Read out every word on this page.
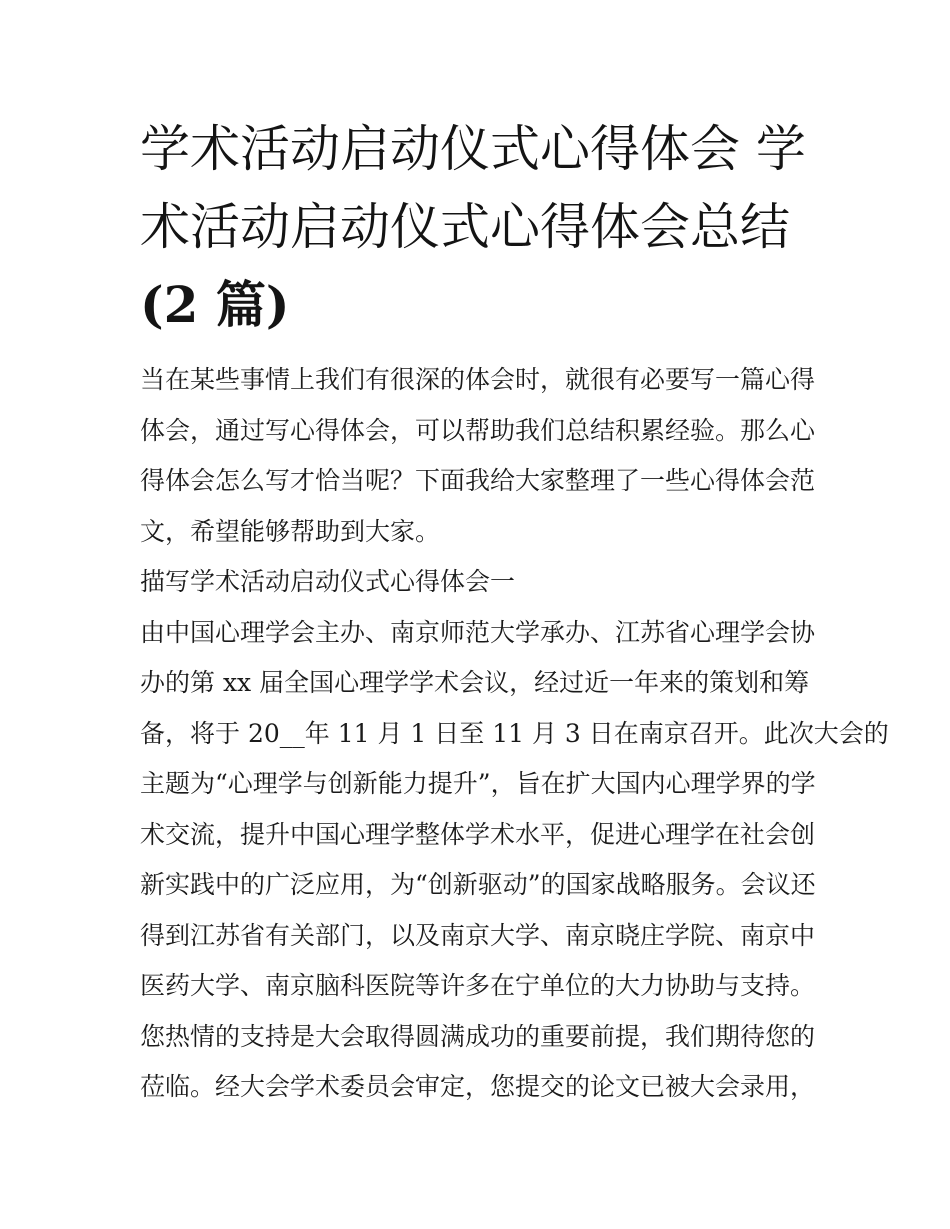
学术活动启动仪式心得体会 学
术活动启动仪式心得体会总结
(2 篇)
当在某些事情上我们有很深的体会时，就很有必要写一篇心得
体会，通过写心得体会，可以帮助我们总结积累经验。那么心
得体会怎么写才恰当呢？下面我给大家整理了一些心得体会范
文，希望能够帮助到大家。
描写学术活动启动仪式心得体会一
由中国心理学会主办、南京师范大学承办、江苏省心理学会协
办的第 xx 届全国心理学学术会议，经过近一年来的策划和筹
备，将于 20__年 11 月 1 日至 11 月 3 日在南京召开。此次大会的
主题为“心理学与创新能力提升”，旨在扩大国内心理学界的学
术交流，提升中国心理学整体学术水平，促进心理学在社会创
新实践中的广泛应用，为“创新驱动”的国家战略服务。会议还
得到江苏省有关部门，以及南京大学、南京晓庄学院、南京中
医药大学、南京脑科医院等许多在宁单位的大力协助与支持。
您热情的支持是大会取得圆满成功的重要前提，我们期待您的
莅临。经大会学术委员会审定，您提交的论文已被大会录用，
